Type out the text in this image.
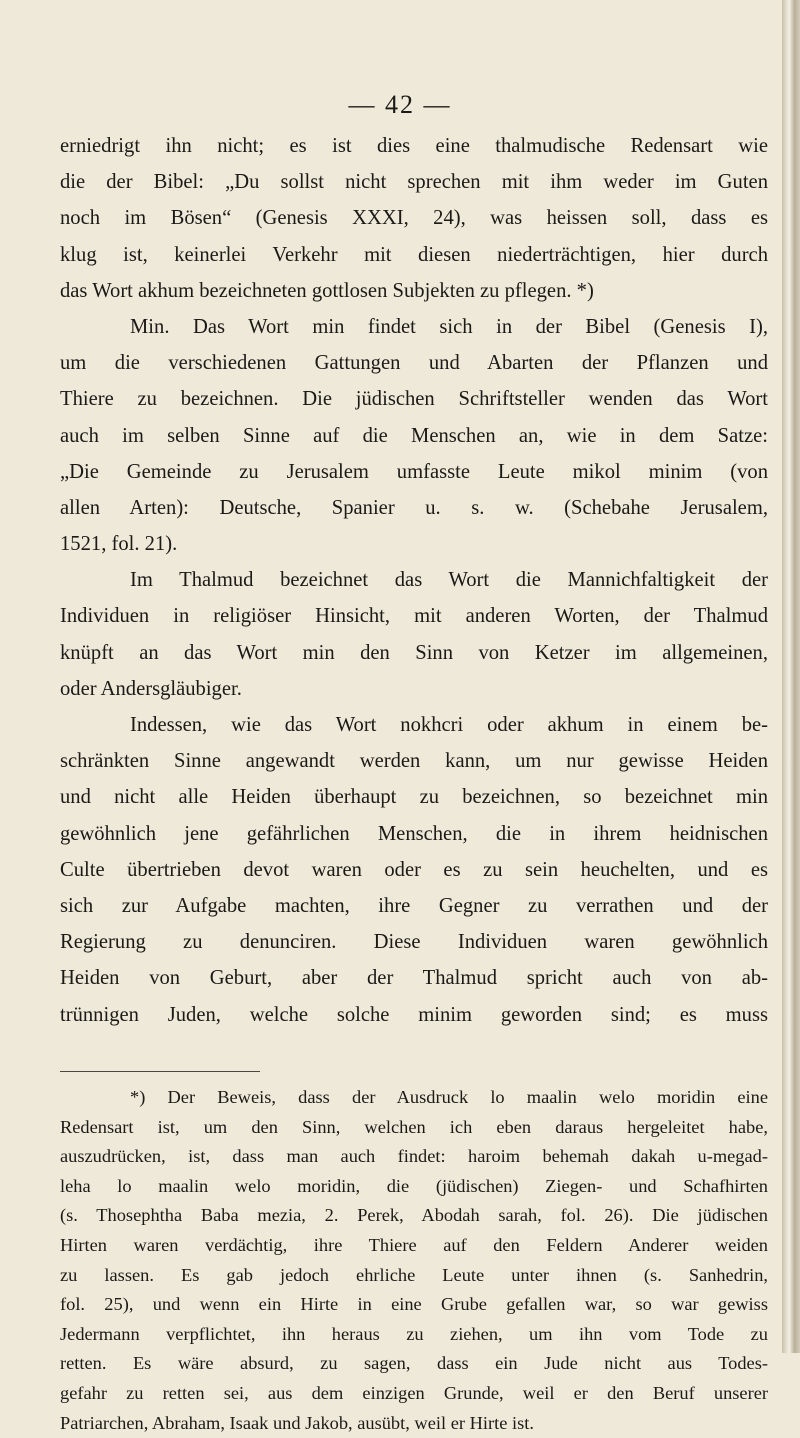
— 42 —
erniedrigt ihn nicht; es ist dies eine thalmudische Redensart wie
die der Bibel: „Du sollst nicht sprechen mit ihm weder im Guten
noch im Bösen“ (Genesis XXXI, 24), was heissen soll, dass es
klug ist, keinerlei Verkehr mit diesen niederträchtigen, hier durch
das Wort akhum bezeichneten gottlosen Subjekten zu pflegen. *)
Min. Das Wort min findet sich in der Bibel (Genesis I),
um die verschiedenen Gattungen und Abarten der Pflanzen und
Thiere zu bezeichnen. Die jüdischen Schriftsteller wenden das Wort
auch im selben Sinne auf die Menschen an, wie in dem Satze:
„Die Gemeinde zu Jerusalem umfasste Leute mikol minim (von
allen Arten): Deutsche, Spanier u. s. w. (Schebahe Jerusalem,
1521, fol. 21).
Im Thalmud bezeichnet das Wort die Mannichfaltigkeit der
Individuen in religiöser Hinsicht, mit anderen Worten, der Thalmud
knüpft an das Wort min den Sinn von Ketzer im allgemeinen,
oder Andersgläubiger.
Indessen, wie das Wort nokhcri oder akhum in einem be-
schränkten Sinne angewandt werden kann, um nur gewisse Heiden
und nicht alle Heiden überhaupt zu bezeichnen, so bezeichnet min
gewöhnlich jene gefährlichen Menschen, die in ihrem heidnischen
Culte übertrieben devot waren oder es zu sein heuchelten, und es
sich zur Aufgabe machten, ihre Gegner zu verrathen und der
Regierung zu denunciren. Diese Individuen waren gewöhnlich
Heiden von Geburt, aber der Thalmud spricht auch von ab-
trünnigen Juden, welche solche minim geworden sind; es muss
*) Der Beweis, dass der Ausdruck lo maalin welo moridin eine
Redensart ist, um den Sinn, welchen ich eben daraus hergeleitet habe,
auszudrücken, ist, dass man auch findet: haroim behemah dakah u-megad-
leha lo maalin welo moridin, die (jüdischen) Ziegen- und Schafhirten
(s. Thosephtha Baba mezia, 2. Perek, Abodah sarah, fol. 26). Die jüdischen
Hirten waren verdächtig, ihre Thiere auf den Feldern Anderer weiden
zu lassen. Es gab jedoch ehrliche Leute unter ihnen (s. Sanhedrin,
fol. 25), und wenn ein Hirte in eine Grube gefallen war, so war gewiss
Jedermann verpflichtet, ihn heraus zu ziehen, um ihn vom Tode zu
retten. Es wäre absurd, zu sagen, dass ein Jude nicht aus Todes-
gefahr zu retten sei, aus dem einzigen Grunde, weil er den Beruf unserer
Patriarchen, Abraham, Isaak und Jakob, ausübt, weil er Hirte ist.
